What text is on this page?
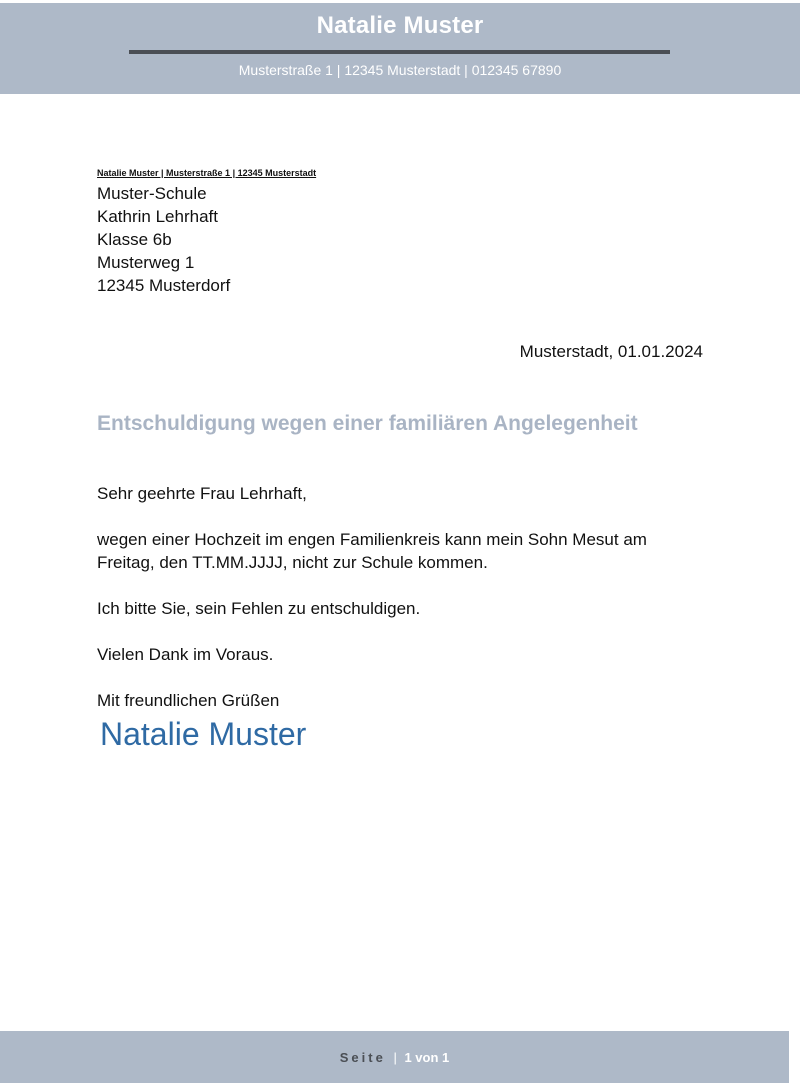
Natalie Muster
Musterstraße 1 | 12345 Musterstadt | 012345 67890
Natalie Muster | Musterstraße 1 | 12345 Musterstadt
Muster-Schule
Kathrin Lehrhaft
Klasse 6b
Musterweg 1
12345 Musterdorf
Musterstadt, 01.01.2024
Entschuldigung wegen einer familiären Angelegenheit

Sehr geehrte Frau Lehrhaft,

wegen einer Hochzeit im engen Familienkreis kann mein Sohn Mesut am Freitag, den TT.MM.JJJJ, nicht zur Schule kommen.

Ich bitte Sie, sein Fehlen zu entschuldigen.

Vielen Dank im Voraus.

Mit freundlichen Grüßen

Natalie Muster
Seite | 1 von 1
